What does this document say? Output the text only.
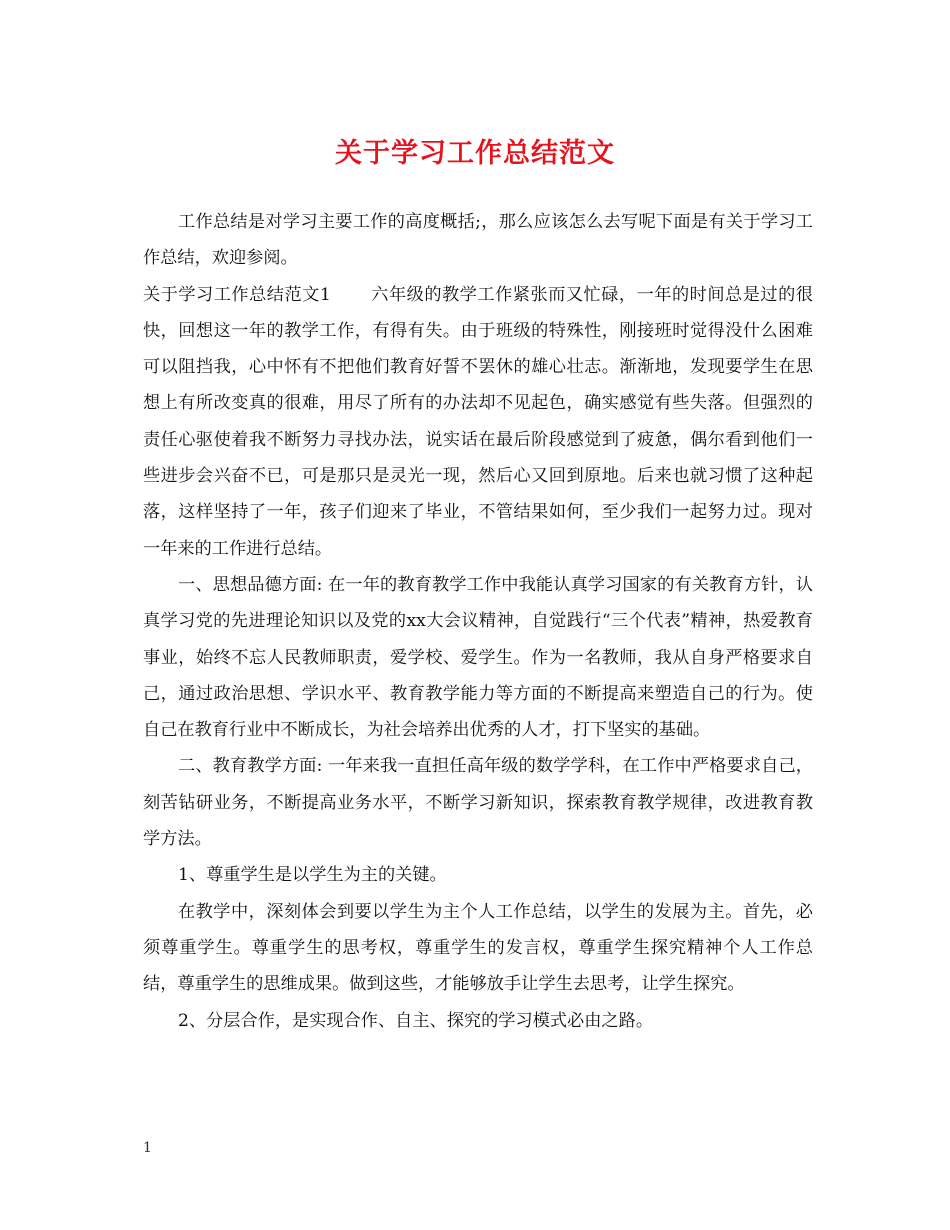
关于学习工作总结范文

工作总结是对学习主要工作的高度概括;，那么应该怎么去写呢下面是有关于学习工作总结，欢迎参阅。

关于学习工作总结范文1 六年级的教学工作紧张而又忙碌，一年的时间总是过的很快，回想这一年的教学工作，有得有失。由于班级的特殊性，刚接班时觉得没什么困难可以阻挡我，心中怀有不把他们教育好誓不罢休的雄心壮志。渐渐地，发现要学生在思想上有所改变真的很难，用尽了所有的办法却不见起色，确实感觉有些失落。但强烈的责任心驱使着我不断努力寻找办法，说实话在最后阶段感觉到了疲惫，偶尔看到他们一些进步会兴奋不已，可是那只是灵光一现，然后心又回到原地。后来也就习惯了这种起落，这样坚持了一年，孩子们迎来了毕业，不管结果如何，至少我们一起努力过。现对一年来的工作进行总结。

一、思想品德方面: 在一年的教育教学工作中我能认真学习国家的有关教育方针，认真学习党的先进理论知识以及党的xx大会议精神，自觉践行“三个代表”精神，热爱教育事业，始终不忘人民教师职责，爱学校、爱学生。作为一名教师，我从自身严格要求自己，通过政治思想、学识水平、教育教学能力等方面的不断提高来塑造自己的行为。使自己在教育行业中不断成长，为社会培养出优秀的人才，打下坚实的基础。

二、教育教学方面: 一年来我一直担任高年级的数学学科，在工作中严格要求自己，刻苦钻研业务，不断提高业务水平，不断学习新知识，探索教育教学规律，改进教育教学方法。

1、尊重学生是以学生为主的关键。

在教学中，深刻体会到要以学生为主个人工作总结，以学生的发展为主。首先，必须尊重学生。尊重学生的思考权，尊重学生的发言权，尊重学生探究精神个人工作总结，尊重学生的思维成果。做到这些，才能够放手让学生去思考，让学生探究。

2、分层合作，是实现合作、自主、探究的学习模式必由之路。

1
